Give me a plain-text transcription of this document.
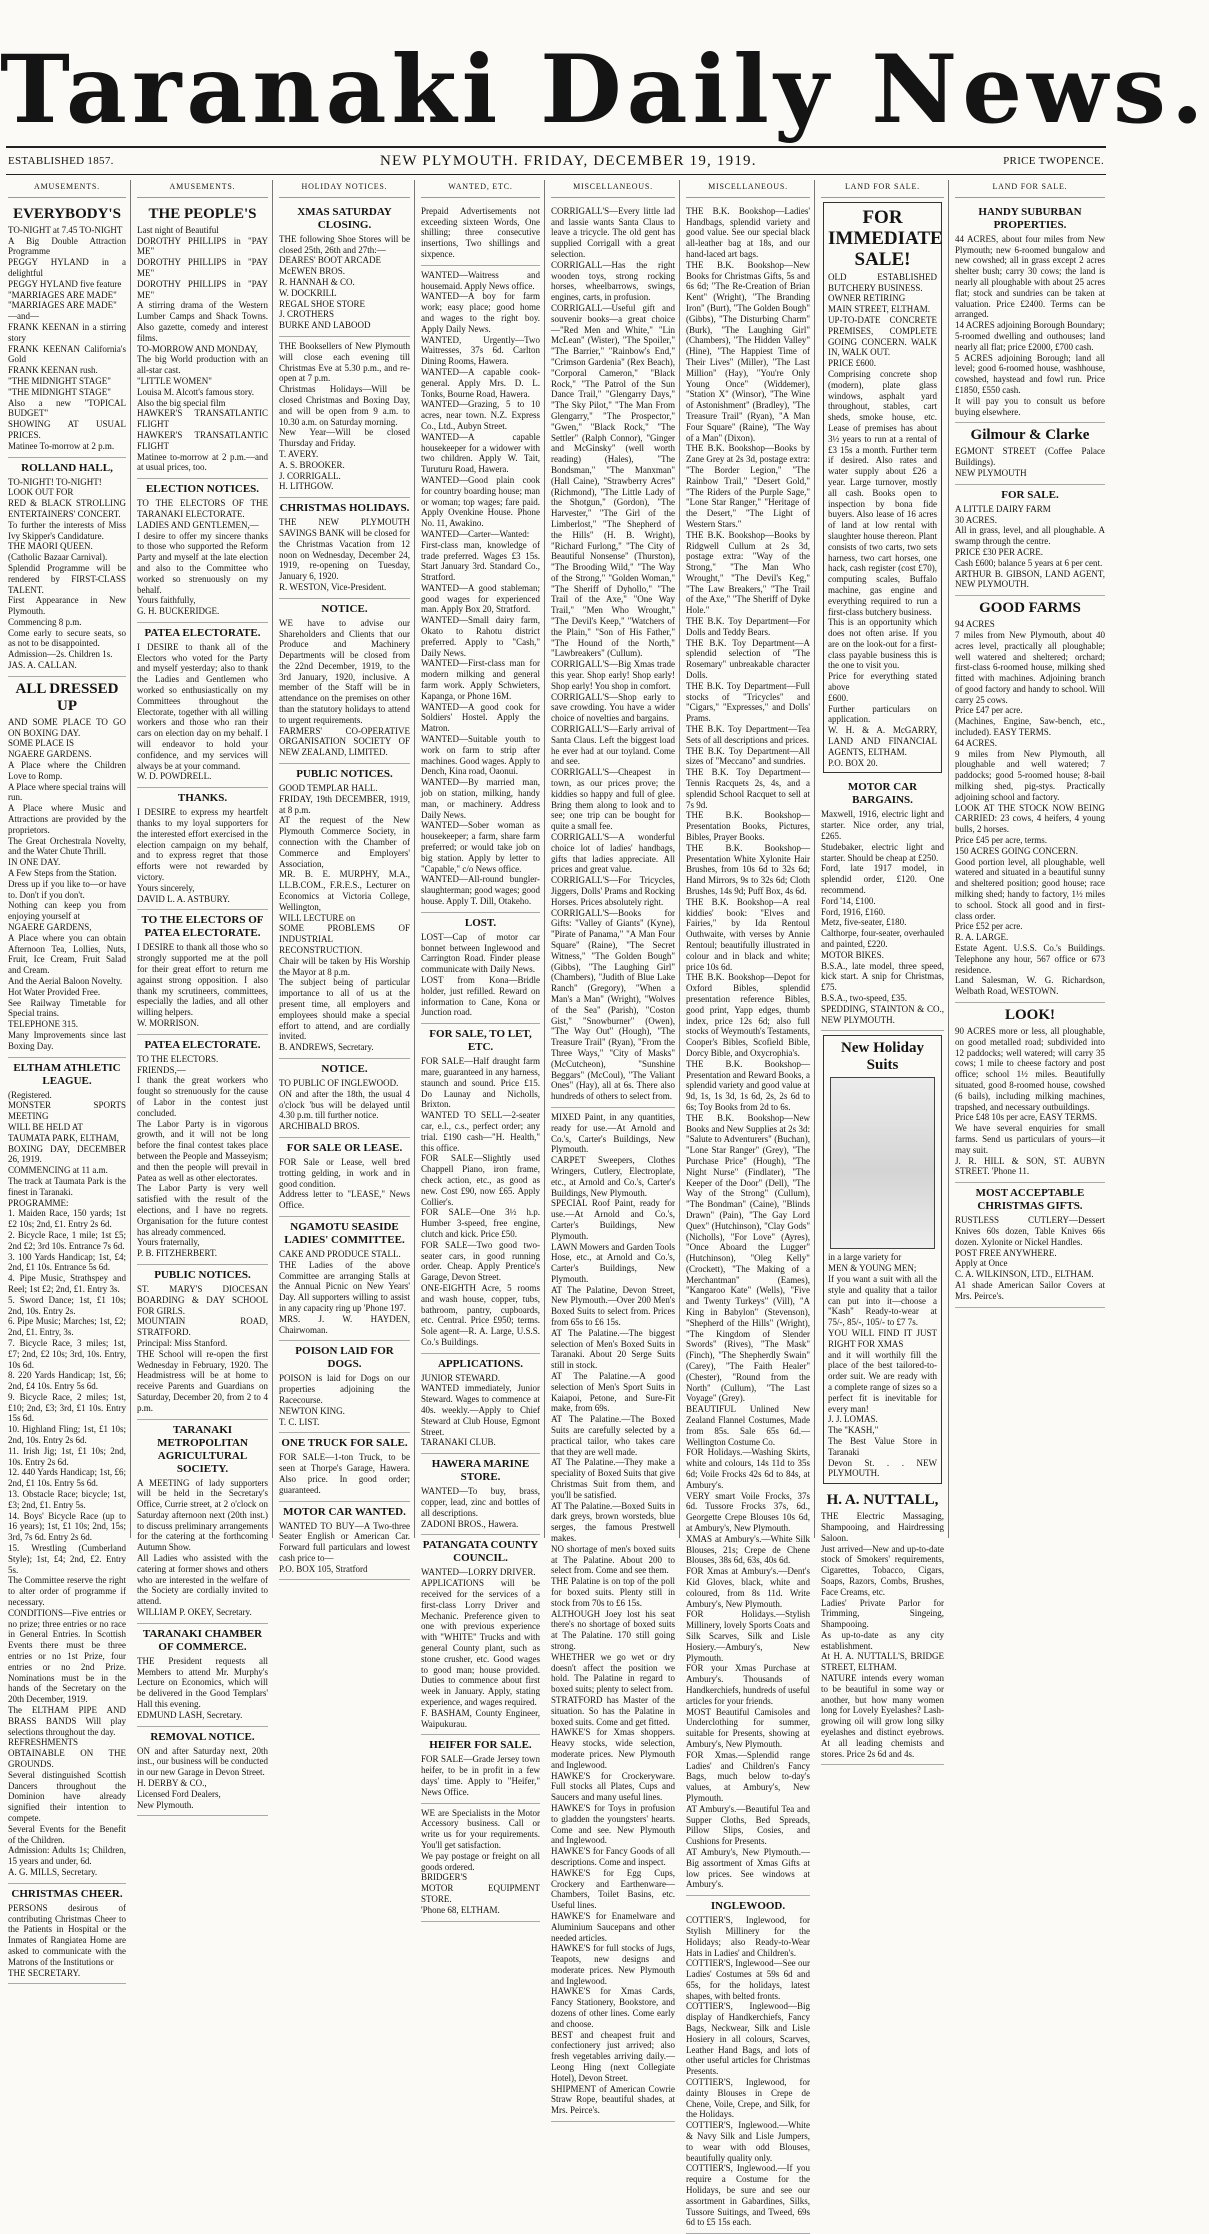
Taranaki Daily News.
ESTABLISHED 1857.	NEW PLYMOUTH. FRIDAY, DECEMBER 19, 1919.	PRICE TWOPENCE.
AMUSEMENTS.
EVERYBODY'S
TO-NIGHT at 7.45 TO-NIGHT
A Big Double Attraction Programme
PEGGY HYLAND in a delightful
PEGGY HYLAND five feature
"MARRIAGES ARE MADE"
"MARRIAGES ARE MADE"
—and—
FRANK KEENAN in a stirring story
FRANK KEENAN California's Gold
FRANK KEENAN rush.
"THE MIDNIGHT STAGE"
"THE MIDNIGHT STAGE"
Also a new "TOPICAL BUDGET"
SHOWING AT USUAL PRICES.
Matinee To-morrow at 2 p.m.
ROLLAND HALL,
TO-NIGHT! TO-NIGHT!
LOOK OUT FOR
RED & BLACK STROLLING ENTERTAINERS' CONCERT.
To further the interests of Miss Ivy Skipper's Candidature.
THE MAORI QUEEN.
(Catholic Bazaar Carnival).
Splendid Programme will be rendered by FIRST-CLASS TALENT.
First Appearance in New Plymouth.
Commencing 8 p.m.
Come early to secure seats, so as not to be disappointed.
Admission—2s. Children 1s.
JAS. A. CALLAN.
ALL DRESSED UP
AND SOME PLACE TO GO ON BOXING DAY.
SOME PLACE IS
NGAERE GARDENS.
A Place where the Children Love to Romp.
A Place where special trains will run.
A Place where Music and Attractions are provided by the proprietors.
The Great Orchestrala Novelty, and the Water Chute Thrill.
IN ONE DAY.
A Few Steps from the Station.
Dress up if you like to—or have to. Don't if you don't.
Nothing can keep you from enjoying yourself at
NGAERE GARDENS,
A Place where you can obtain Afternoon Tea, Lollies, Nuts, Fruit, Ice Cream, Fruit Salad and Cream.
And the Aerial Baloon Novelty.
Hot Water Provided Free.
See Railway Timetable for Special trains.
TELEPHONE 315.
Many Improvements since last Boxing Day.
ELTHAM ATHLETIC LEAGUE.
(Registered.
MONSTER SPORTS MEETING
WILL BE HELD AT
TAUMATA PARK, ELTHAM,
BOXING DAY, DECEMBER 26, 1919.
COMMENCING at 11 a.m.
The track at Taumata Park is the finest in Taranaki.
PROGRAMME:
1. Maiden Race, 150 yards; 1st £2 10s; 2nd, £1. Entry 2s 6d.
2. Bicycle Race, 1 mile; 1st £5; 2nd £2; 3rd 10s. Entrance 7s 6d.
3. 100 Yards Handicap; 1st, £4; 2nd, £1 10s. Entrance 5s 6d.
4. Pipe Music, Strathspey and Reel; 1st £2; 2nd, £1. Entry 3s.
5. Sword Dance; 1st, £1 10s; 2nd, 10s. Entry 2s.
6. Pipe Music; Marches; 1st, £2; 2nd, £1. Entry, 3s.
7. Bicycle Race, 3 miles; 1st, £7; 2nd, £2 10s; 3rd, 10s. Entry, 10s 6d.
8. 220 Yards Handicap; 1st, £6; 2nd, £4 10s. Entry 5s 6d.
9. Bicycle Race, 2 miles; 1st, £10; 2nd, £3; 3rd, £1 10s. Entry 15s 6d.
10. Highland Fling; 1st, £1 10s; 2nd, 10s. Entry 2s 6d.
11. Irish Jig; 1st, £1 10s; 2nd, 10s. Entry 2s 6d.
12. 440 Yards Handicap; 1st, £6; 2nd, £1 10s. Entry 5s 6d.
13. Obstacle Race; bicycle; 1st, £3; 2nd, £1. Entry 5s.
14. Boys' Bicycle Race (up to 16 years); 1st, £1 10s; 2nd, 15s; 3rd, 7s 6d. Entry 2s 6d.
15. Wrestling (Cumberland Style); 1st, £4; 2nd, £2. Entry 5s.
The Committee reserve the right to alter order of programme if necessary.
CONDITIONS—Five entries or no prize; three entries or no race in General Entries. In Scottish Events there must be three entries or no 1st Prize, four entries or no 2nd Prize. Nominations must be in the hands of the Secretary on the 20th December, 1919.
The ELTHAM PIPE AND BRASS BANDS Will play selections throughout the day.
REFRESHMENTS OBTAINABLE ON THE GROUNDS.
Several distinguished Scottish Dancers throughout the Dominion have already signified their intention to compete.
Several Events for the Benefit of the Children.
Admission: Adults 1s; Children, 15 years and under, 6d.
A. G. MILLS, Secretary.
CHRISTMAS CHEER.
PERSONS desirous of contributing Christmas Cheer to the Patients in Hospital or the Inmates of Rangiatea Home are asked to communicate with the Matrons of the Institutions or
THE SECRETARY.
AMUSEMENTS.
THE PEOPLE'S
Last night of Beautiful
DOROTHY PHILLIPS in "PAY ME"
DOROTHY PHILLIPS in "PAY ME"
DOROTHY PHILLIPS in "PAY ME"
A stirring drama of the Western Lumber Camps and Shack Towns. Also gazette, comedy and interest films.
TO-MORROW AND MONDAY,
The big World production with an all-star cast.
"LITTLE WOMEN"
Louisa M. Alcott's famous story.
Also the big special film
HAWKER'S TRANSATLANTIC FLIGHT
HAWKER'S TRANSATLANTIC FLIGHT
Matinee to-morrow at 2 p.m.—and at usual prices, too.
ELECTION NOTICES.
TO THE ELECTORS OF THE TARANAKI ELECTORATE.
LADIES AND GENTLEMEN,—
I desire to offer my sincere thanks to those who supported the Reform Party and myself at the late election and also to the Committee who worked so strenuously on my behalf.
Yours faithfully,
G. H. BUCKERIDGE.
PATEA ELECTORATE.
I DESIRE to thank all of the Electors who voted for the Party and myself yesterday; also to thank the Ladies and Gentlemen who worked so enthusiastically on my Committees throughout the Electorate, together with all willing workers and those who ran their cars on election day on my behalf. I will endeavor to hold your confidence, and my services will always be at your command.
W. D. POWDRELL.
THANKS.
I DESIRE to express my heartfelt thanks to my loyal supporters for the interested effort exercised in the election campaign on my behalf, and to express regret that those efforts were not rewarded by victory.
Yours sincerely,
DAVID L. A. ASTBURY.
TO THE ELECTORS OF PATEA ELECTORATE.
I DESIRE to thank all those who so strongly supported me at the poll for their great effort to return me against strong opposition. I also thank my scrutineers, committees, especially the ladies, and all other willing helpers.
W. MORRISON.
PATEA ELECTORATE.
TO THE ELECTORS.
FRIENDS,—
I thank the great workers who fought so strenuously for the cause of Labor in the contest just concluded.
The Labor Party is in vigorous growth, and it will not be long before the final contest takes place between the People and Masseyism; and then the people will prevail in Patea as well as other electorates.
The Labor Party is very well satisfied with the result of the elections, and I have no regrets. Organisation for the future contest has already commenced.
Yours fraternally,
P. B. FITZHERBERT.
PUBLIC NOTICES.
ST. MARY'S DIOCESAN BOARDING & DAY SCHOOL FOR GIRLS.
MOUNTAIN ROAD, STRATFORD.
Principal: Miss Stanford.
THE School will re-open the first Wednesday in February, 1920. The Headmistress will be at home to receive Parents and Guardians on Saturday, December 20, from 2 to 4 p.m.
TARANAKI METROPOLITAN AGRICULTURAL SOCIETY.
A MEETING of lady supporters will be held in the Secretary's Office, Currie street, at 2 o'clock on Saturday afternoon next (20th inst.) to discuss preliminary arrangements for the catering at the forthcoming Autumn Show.
All Ladies who assisted with the catering at former shows and others who are interested in the welfare of the Society are cordially invited to attend.
WILLIAM P. OKEY, Secretary.
TARANAKI CHAMBER OF COMMERCE.
THE President requests all Members to attend Mr. Murphy's Lecture on Economics, which will be delivered in the Good Templars' Hall this evening.
EDMUND LASH, Secretary.
REMOVAL NOTICE.
ON and after Saturday next, 20th inst., our business will be conducted in our new Garage in Devon Street.
H. DERBY & CO.,
Licensed Ford Dealers,
New Plymouth.
HOLIDAY NOTICES.
XMAS SATURDAY CLOSING.
THE following Shoe Stores will be closed 25th, 26th and 27th:—
DEARES' BOOT ARCADE
McEWEN BROS.
R. HANNAH & CO.
W. DOCKRILL
REGAL SHOE STORE
J. CROTHERS
BURKE AND LABOOD
THE Booksellers of New Plymouth will close each evening till Christmas Eve at 5.30 p.m., and re-open at 7 p.m.
Christmas Holidays—Will be closed Christmas and Boxing Day, and will be open from 9 a.m. to 10.30 a.m. on Saturday morning.
New Year—Will be closed Thursday and Friday.
T. AVERY.
A. S. BROOKER.
J. CORRIGALL.
H. LITHGOW.
CHRISTMAS HOLIDAYS.
THE NEW PLYMOUTH SAVINGS BANK will be closed for the Christmas Vacation from 12 noon on Wednesday, December 24, 1919, re-opening on Tuesday, January 6, 1920.
R. WESTON, Vice-President.
NOTICE.
WE have to advise our Shareholders and Clients that our Produce and Machinery Departments will be closed from the 22nd December, 1919, to the 3rd January, 1920, inclusive. A member of the Staff will be in attendance on the premises on other than the statutory holidays to attend to urgent requirements.
FARMERS' CO-OPERATIVE ORGANISATION SOCIETY OF NEW ZEALAND, LIMITED.
PUBLIC NOTICES.
GOOD TEMPLAR HALL.
FRIDAY, 19th DECEMBER, 1919, at 8 p.m.
AT the request of the New Plymouth Commerce Society, in connection with the Chamber of Commerce and Employers' Association,
MR. B. E. MURPHY, M.A., LL.B.COM., F.R.E.S., Lecturer on Economics at Victoria College, Wellington,
WILL LECTURE on
SOME PROBLEMS OF INDUSTRIAL RECONSTRUCTION.
Chair will be taken by His Worship the Mayor at 8 p.m.
The subject being of particular importance to all of us at the present time, all employers and employees should make a special effort to attend, and are cordially invited.
B. ANDREWS, Secretary.
NOTICE.
TO PUBLIC OF INGLEWOOD.
ON and after the 18th, the usual 4 o'clock 'bus will be delayed until 4.30 p.m. till further notice.
ARCHIBALD BROS.
FOR SALE OR LEASE.
FOR Sale or Lease, well bred trotting gelding, in work and in good condition.
Address letter to "LEASE," News Office.
NGAMOTU SEASIDE LADIES' COMMITTEE.
CAKE AND PRODUCE STALL.
THE Ladies of the above Committee are arranging Stalls at the Annual Picnic on New Years' Day. All supporters willing to assist in any capacity ring up 'Phone 197.
MRS. J. W. HAYDEN, Chairwoman.
POISON LAID FOR DOGS.
POISON is laid for Dogs on our properties adjoining the Racecourse.
NEWTON KING.
T. C. LIST.
ONE TRUCK FOR SALE.
FOR SALE—1-ton Truck, to be seen at Thorpe's Garage, Hawera. Also price. In good order; guaranteed.
MOTOR CAR WANTED.
WANTED TO BUY—A Two-three Seater English or American Car. Forward full particulars and lowest cash price to—
P.O. BOX 105, Stratford
WANTED, ETC.
Prepaid Advertisements not exceeding sixteen Words, One shilling; three consecutive insertions, Two shillings and sixpence.
WANTED—Waitress and housemaid. Apply News office.
WANTED—A boy for farm work; easy place; good home and wages to the right boy. Apply Daily News.
WANTED, Urgently—Two Waitresses, 37s 6d. Carlton Dining Rooms, Hawera.
WANTED—A capable cook-general. Apply Mrs. D. L. Tonks, Bourne Road, Hawera.
WANTED—Grazing, 5 to 10 acres, near town. N.Z. Express Co., Ltd., Aubyn Street.
WANTED—A capable housekeeper for a widower with two children. Apply W. Tait, Turuturu Road, Hawera.
WANTED—Good plain cook for country boarding house; man or woman; top wages; fare paid. Apply Ovenkine House. Phone No. 11, Awakino.
WANTED—Carter—Wanted: First-class man, knowledge of trade preferred. Wages £3 15s. Start January 3rd. Standard Co., Stratford.
WANTED—A good stableman; good wages for experienced man. Apply Box 20, Stratford.
WANTED—Small dairy farm, Okato to Rahotu district preferred. Apply to "Cash," Daily News.
WANTED—First-class man for modern milking and general farm work. Apply Schwieters, Kapanga, or Phone 16M.
WANTED—A good cook for Soldiers' Hostel. Apply the Matron.
WANTED—Suitable youth to work on farm to strip after machines. Good wages. Apply to Dench, Kina road, Oaonui.
WANTED—By married man, job on station, milking, handy man, or machinery. Address Daily News.
WANTED—Sober woman as housekeeper; a farm, share farm preferred; or would take job on big station. Apply by letter to "Capable," c/o News office.
WANTED—All-round bungler-slaughterman; good wages; good house. Apply T. Dill, Otakeho.
LOST.
LOST—Cap of motor car bonnet between Inglewood and Carrington Road. Finder please communicate with Daily News.
LOST from Kona—Bridle holder, just refilled. Reward on information to Cane, Kona or Junction road.
FOR SALE, TO LET, ETC.
FOR SALE—Half draught farm mare, guaranteed in any harness, staunch and sound. Price £15. Do Launay and Nicholls, Brixton.
WANTED TO SELL—2-seater car, e.l., c.s., perfect order; any trial. £190 cash—"H. Health," this office.
FOR SALE—Slightly used Chappell Piano, iron frame, check action, etc., as good as new. Cost £90, now £65. Apply Collier's.
FOR SALE—One 3½ h.p. Humber 3-speed, free engine, clutch and kick. Price £50.
FOR SALE—Two good two-seater cars, in good running order. Cheap. Apply Prentice's Garage, Devon Street.
ONE-EIGHTH Acre, 5 rooms and wash house, copper, tubs, bathroom, pantry, cupboards, etc. Central. Price £950; terms. Sole agent—R. A. Large, U.S.S. Co.'s Buildings.
APPLICATIONS.
JUNIOR STEWARD.
WANTED immediately, Junior Steward. Wages to commence at 40s. weekly.—Apply to Chief Steward at Club House, Egmont Street.
TARANAKI CLUB.
HAWERA MARINE STORE.
WANTED—To buy, brass, copper, lead, zinc and bottles of all descriptions.
ZADONI BROS., Hawera.
PATANGATA COUNTY COUNCIL.
WANTED—LORRY DRIVER.
APPLICATIONS will be received for the services of a first-class Lorry Driver and Mechanic. Preference given to one with previous experience with "WHITE" Trucks and with general County plant, such as stone crusher, etc. Good wages to good man; house provided. Duties to commence about first week in January. Apply, stating experience, and wages required.
F. BASHAM, County Engineer, Waipukurau.
HEIFER FOR SALE.
FOR SALE—Grade Jersey town heifer, to be in profit in a few days' time. Apply to "Heifer," News Office.
WE are Specialists in the Motor Accessory business. Call or write us for your requirements. You'll get satisfaction.
We pay postage or freight on all goods ordered.
BRIDGER'S
MOTOR EQUIPMENT STORE.
'Phone 68, ELTHAM.
MISCELLANEOUS.
CORRIGALL'S—Every little lad and lassie wants Santa Claus to leave a tricycle. The old gent has supplied Corrigall with a great selection.
CORRIGALL—Has the right wooden toys, strong rocking horses, wheelbarrows, swings, engines, carts, in profusion.
CORRIGALL—Useful gift and souvenir books—a great choice—"Red Men and White," "Lin McLean" (Wister), "The Spoiler," "The Barrier," "Rainbow's End," "Crimson Gardenia" (Rex Beach), "Corporal Cameron," "Black Rock," "The Patrol of the Sun Dance Trail," "Glengarry Days," "The Sky Pilot," "The Man From Glengarry," "The Prospector," "Gwen," "Black Rock," "The Settler" (Ralph Connor), "Ginger and McGinsky" (well worth reading) (Hales), "The Bondsman," "The Manxman" (Hall Caine), "Strawberry Acres" (Richmond), "The Little Lady of the Shotgun," (Gordon), "The Harvester," "The Girl of the Limberlost," "The Shepherd of the Hills" (H. B. Wright), "Richard Furlong," "The City of Beautiful Nonsense" (Thurston), "The Brooding Wild," "The Way of the Strong," "Golden Woman," "The Sheriff of Dyhollo," "The Trail of the Axe," "One Way Trail," "Men Who Wrought," "The Devil's Keep," "Watchers of the Plain," "Son of His Father," "The Hound of the North," "Lawbreakers" (Cullum).
CORRIGALL'S—Big Xmas trade this year. Shop early! Shop early! Shop early! You shop in comfort.
CORRIGALL'S—Shop early to save crowding. You have a wider choice of novelties and bargains.
CORRIGALL'S—Early arrival of Santa Claus. Left the biggest load he ever had at our toyland. Come and see.
CORRIGALL'S—Cheapest in town, as our prices prove; the kiddies so happy and full of glee. Bring them along to look and to see; one trip can be bought for quite a small fee.
CORRIGALL'S—A wonderful choice lot of ladies' handbags, gifts that ladies appreciate. All prices and great value.
CORRIGALL'S—For Tricycles, Jiggers, Dolls' Prams and Rocking Horses. Prices absolutely right.
CORRIGALL'S—Books for Gifts: "Valley of Giants" (Kyne), "Pirate of Panama," "A Man Four Square" (Raine), "The Secret Witness," "The Golden Bough" (Gibbs), "The Laughing Girl" (Chambers), "Judith of Blue Lake Ranch" (Gregory), "When a Man's a Man" (Wright), "Wolves of the Sea" (Parish), "Coston Gist," "Snowburner" (Owen), "The Way Out" (Hough), "The Treasure Trail" (Ryan), "From the Three Ways," "City of Masks" (McCutcheon), "Sunshine Beggars" (McCoul), "The Valiant Ones" (Hay), all at 6s. There also hundreds of others to select from.
MIXED Paint, in any quantities, ready for use.—At Arnold and Co.'s, Carter's Buildings, New Plymouth.
CARPET Sweepers, Clothes Wringers, Cutlery, Electroplate, etc., at Arnold and Co.'s, Carter's Buildings, New Plymouth.
SPECIAL Roof Paint, ready for use.—At Arnold and Co.'s, Carter's Buildings, New Plymouth.
LAWN Mowers and Garden Tools Hose, etc., at Arnold and Co.'s, Carter's Buildings, New Plymouth.
AT The Palatine, Devon Street, New Plymouth.—Over 200 Men's Boxed Suits to select from. Prices from 65s to £6 15s.
AT The Palatine.—The biggest selection of Men's Boxed Suits in Taranaki. About 20 Serge Suits still in stock.
AT The Palatine.—A good selection of Men's Sport Suits in Kaiapoi, Petone, and Sure-Fit make, from 69s.
AT The Palatine.—The Boxed Suits are carefully selected by a practical tailor, who takes care that they are well made.
AT The Palatine.—They make a speciality of Boxed Suits that give Christmas Suit from them, and you'll be satisfied.
AT The Palatine.—Boxed Suits in dark greys, brown worsteds, blue serges, the famous Prestwell makes.
NO shortage of men's boxed suits at The Palatine. About 200 to select from. Come and see them.
THE Palatine is on top of the poll for boxed suits. Plenty still in stock from 70s to £6 15s.
ALTHOUGH Joey lost his seat there's no shortage of boxed suits at The Palatine. 170 still going strong.
WHETHER we go wet or dry doesn't affect the position we hold. The Palatine in regard to boxed suits; plenty to select from.
STRATFORD has Master of the situation. So has the Palatine in boxed suits. Come and get fitted.
HAWKE'S for Xmas shoppers. Heavy stocks, wide selection, moderate prices. New Plymouth and Inglewood.
HAWKE'S for Crockeryware. Full stocks all Plates, Cups and Saucers and many useful lines.
HAWKE'S for Toys in profusion to gladden the youngsters' hearts. Come and see. New Plymouth and Inglewood.
HAWKE'S for Fancy Goods of all descriptions. Come and inspect.
HAWKE'S for Egg Cups, Crockery and Earthenware—Chambers, Toilet Basins, etc. Useful lines.
HAWKE'S for Enamelware and Aluminium Saucepans and other needed articles.
HAWKE'S for full stocks of Jugs, Teapots, new designs and moderate prices. New Plymouth and Inglewood.
HAWKE'S for Xmas Cards, Fancy Stationery, Bookstore, and dozens of other lines. Come early and choose.
BEST and cheapest fruit and confectionery just arrived; also fresh vegetables arriving daily.—Leong Hing (next Collegiate Hotel), Devon Street.
SHIPMENT of American Cowrie Straw Rope, beautiful shades, at Mrs. Peirce's.
MISCELLANEOUS.
THE B.K. Bookshop—Ladies' Handbags, splendid variety and good value. See our special black all-leather bag at 18s, and our hand-laced art bags.
THE B.K. Bookshop—New Books for Christmas Gifts, 5s and 6s 6d; "The Re-Creation of Brian Kent" (Wright), "The Branding Iron" (Burt), "The Golden Bough" (Gibbs), "The Disturbing Charm" (Burk), "The Laughing Girl" (Chambers), "The Hidden Valley" (Hine), "The Happiest Time of Their Lives" (Miller), "The Last Million" (Hay), "You're Only Young Once" (Widdemer), "Station X" (Winsor), "The Wine of Astonishment" (Bradley), "The Treasure Trail" (Ryan), "A Man Four Square" (Raine), "The Way of a Man" (Dixon).
THE B.K. Bookshop—Books by Zane Grey at 2s 3d, postage extra: "The Border Legion," "The Rainbow Trail," "Desert Gold," "The Riders of the Purple Sage," "Lone Star Ranger," "Heritage of the Desert," "The Light of Western Stars."
THE B.K. Bookshop—Books by Ridgwell Cullum at 2s 3d, postage extra: "Way of the Strong," "The Man Who Wrought," "The Devil's Keg," "The Law Breakers," "The Trail of the Axe," "The Sheriff of Dyke Hole."
THE B.K. Toy Department—For Dolls and Teddy Bears.
THE B.K. Toy Department—A splendid selection of "The Rosemary" unbreakable character Dolls.
THE B.K. Toy Department—Full stocks of "Tricycles" and "Cigars," "Expresses," and Dolls' Prams.
THE B.K. Toy Department—Tea Sets of all descriptions and prices.
THE B.K. Toy Department—All sizes of "Meccano" and sundries.
THE B.K. Toy Department—Tennis Racquets 2s, 4s, and a splendid School Racquet to sell at 7s 9d.
THE B.K. Bookshop—Presentation Books, Pictures, Bibles, Prayer Books.
THE B.K. Bookshop—Presentation White Xylonite Hair Brushes, from 10s 6d to 32s 6d; Hand Mirrors, 9s to 32s 6d; Cloth Brushes, 14s 9d; Puff Box, 4s 6d.
THE B.K. Bookshop—A real kiddies' book: "Elves and Fairies," by Ida Rentoul Outhwaite, with verses by Annie Rentoul; beautifully illustrated in colour and in black and white; price 10s 6d.
THE B.K. Bookshop—Depot for Oxford Bibles, splendid presentation reference Bibles, good print, Yapp edges, thumb index, price 12s 6d; also full stocks of Weymouth's Testaments, Cooper's Bibles, Scofield Bible, Dorcy Bible, and Oxycrophia's.
THE B.K. Bookshop—Presentation and Reward Books, a splendid variety and good value at 9d, 1s, 1s 3d, 1s 6d, 2s, 2s 6d to 6s; Toy Books from 2d to 6s.
THE B.K. Bookshop—New Books and New Supplies at 2s 3d: "Salute to Adventurers" (Buchan), "Lone Star Ranger" (Grey), "The Purchase Price" (Hough), "The Night Nurse" (Findlater), "The Keeper of the Door" (Dell), "The Way of the Strong" (Cullum), "The Bondman" (Caine), "Blinds Drawn" (Pain), "The Gay Lord Quex" (Hutchinson), "Clay Gods" (Nicholls), "For Love" (Ayres), "Once Aboard the Lugger" (Hutchinson), "Oleg Kelly" (Crockett), "The Making of a Merchantman" (Eames), "Kangaroo Kate" (Wells), "Five and Twenty Turkeys" (Vill), "A King in Babylon" (Stevenson), "Shepherd of the Hills" (Wright), "The Kingdom of Slender Swords" (Rives), "The Mask" (Finch), "The Shepherdly Swain" (Carey), "The Faith Healer" (Chester), "Round from the North" (Cullum), "The Last Voyage" (Grey).
BEAUTIFUL Unlined New Zealand Flannel Costumes, Made from 85s. Sale 65s 6d.—Wellington Costume Co.
FOR Holidays.—Washing Skirts, white and colours, 14s 11d to 35s 6d; Voile Frocks 42s 6d to 84s, at Ambury's.
VERY smart Voile Frocks, 37s 6d. Tussore Frocks 37s, 6d., Georgette Crepe Blouses 10s 6d, at Ambury's, New Plymouth.
XMAS at Ambury's.—White Silk Blouses, 21s; Crepe de Chene Blouses, 38s 6d, 63s, 40s 6d.
FOR Xmas at Ambury's.—Dent's Kid Gloves, black, white and coloured, from 8s 11d. Write Ambury's, New Plymouth.
FOR Holidays.—Stylish Millinery, lovely Sports Coats and Silk Scarves, Silk and Lisle Hosiery.—Ambury's, New Plymouth.
FOR your Xmas Purchase at Ambury's. Thousands of Handkerchiefs, hundreds of useful articles for your friends.
MOST Beautiful Camisoles and Underclothing for summer, suitable for Presents, showing at Ambury's, New Plymouth.
FOR Xmas.—Splendid range Ladies' and Children's Fancy Bags, much below to-day's values, at Ambury's, New Plymouth.
AT Ambury's.—Beautiful Tea and Supper Cloths, Bed Spreads, Pillow Slips, Cosies, and Cushions for Presents.
AT Ambury's, New Plymouth.—Big assortment of Xmas Gifts at low prices. See windows at Ambury's.
INGLEWOOD.
COTTIER'S, Inglewood, for Stylish Millinery for the Holidays; also Ready-to-Wear Hats in Ladies' and Children's.
COTTIER'S, Inglewood—See our Ladies' Costumes at 59s 6d and 65s, for the holidays, latest shapes, with belted fronts.
COTTIER'S, Inglewood—Big display of Handkerchiefs, Fancy Bags, Neckwear, Silk and Lisle Hosiery in all colours, Scarves, Leather Hand Bags, and lots of other useful articles for Christmas Presents.
COTTIER'S, Inglewood, for dainty Blouses in Crepe de Chene, Voile, Crepe, and Silk, for the Holidays.
COTTIER'S, Inglewood.—White & Navy Silk and Lisle Jumpers, to wear with odd Blouses, beautifully quality only.
COTTIER'S, Inglewood.—If you require a Costume for the Holidays, be sure and see our assortment in Gabardines, Silks, Tussore Suitings, and Tweed, 69s 6d to £5 15s each.
LAND FOR SALE.
FOR IMMEDIATE SALE!
OLD ESTABLISHED BUTCHERY BUSINESS.
OWNER RETIRING
MAIN STREET, ELTHAM.
UP-TO-DATE CONCRETE PREMISES, COMPLETE GOING CONCERN. WALK IN, WALK OUT.
PRICE £600.
Comprising concrete shop (modern), plate glass windows, asphalt yard throughout, stables, cart sheds, smoke house, etc. Lease of premises has about 3½ years to run at a rental of £3 15s a month. Further term if desired. Also rates and water supply about £26 a year. Large turnover, mostly all cash. Books open to inspection by bona fide buyers. Also lease of 16 acres of land at low rental with slaughter house thereon. Plant consists of two carts, two sets harness, two cart horses, one hack, cash register (cost £70), computing scales, Buffalo machine, gas engine and everything required to run a first-class butchery business.
This is an opportunity which does not often arise. If you are on the look-out for a first-class payable business this is the one to visit you.
Price for everything stated above
£600.
Further particulars on application.
W. H. & A. McGARRY, LAND AND FINANCIAL AGENTS, ELTHAM.
P.O. BOX 20.
MOTOR CAR BARGAINS.
Maxwell, 1916, electric light and starter. Nice order, any trial, £265.
Studebaker, electric light and starter. Should be cheap at £250.
Ford, late 1917 model, in splendid order, £120. One recommend.
Ford '14, £100.
Ford, 1916, £160.
Metz, five-seater, £180.
Calthorpe, four-seater, overhauled and painted, £220.
MOTOR BIKES.
B.S.A., late model, three speed, kick start. A snip for Christmas, £75.
B.S.A., two-speed, £35.
SPEDDING, STAINTON & CO., NEW PLYMOUTH.
New Holiday Suits
in a large variety for
MEN & YOUNG MEN;
If you want a suit with all the style and quality that a tailor can put into it—choose a "Kash" Ready-to-wear at 75/-, 85/-, 105/- to £7 7s.
YOU WILL FIND IT JUST RIGHT FOR XMAS
and it will worthily fill the place of the best tailored-to-order suit. We are ready with a complete range of sizes so a perfect fit is inevitable for every man!
J. J. LOMAS.
The "KASH,"
The Best Value Store in Taranaki
Devon St. . . NEW PLYMOUTH.
H. A. NUTTALL,
THE Electric Massaging, Shampooing, and Hairdressing Saloon.
Just arrived—New and up-to-date stock of Smokers' requirements, Cigarettes, Tobacco, Cigars, Soaps, Razors, Combs, Brushes, Face Creams, etc.
Ladies' Private Parlor for Trimming, Singeing, Shampooing.
As up-to-date as any city establishment.
At H. A. NUTTALL'S, BRIDGE STREET, ELTHAM.
NATURE intends every woman to be beautiful in some way or another, but how many women long for Lovely Eyelashes? Lash-growing oil will grow long silky eyelashes and distinct eyebrows. At all leading chemists and stores. Price 2s 6d and 4s.
LAND FOR SALE.
HANDY SUBURBAN PROPERTIES.
44 ACRES, about four miles from New Plymouth; new 6-roomed bungalow and new cowshed; all in grass except 2 acres shelter bush; carry 30 cows; the land is nearly all ploughable with about 25 acres flat; stock and sundries can be taken at valuation. Price £2400. Terms can be arranged.
14 ACRES adjoining Borough Boundary; 5-roomed dwelling and outhouses; land nearly all flat; price £2000, £700 cash.
5 ACRES adjoining Borough; land all level; good 6-roomed house, washhouse, cowshed, haystead and fowl run. Price £1850, £550 cash.
It will pay you to consult us before buying elsewhere.
Gilmour & Clarke
EGMONT STREET (Coffee Palace Buildings).
NEW PLYMOUTH
FOR SALE.
A LITTLE DAIRY FARM
30 ACRES.
All in grass, level, and all ploughable. A swamp through the centre.
PRICE £30 PER ACRE.
Cash £600; balance 5 years at 6 per cent.
ARTHUR B. GIBSON, LAND AGENT, NEW PLYMOUTH.
GOOD FARMS
94 ACRES
7 miles from New Plymouth, about 40 acres level, practically all ploughable; well watered and sheltered; orchard; first-class 6-roomed house, milking shed fitted with machines. Adjoining branch of good factory and handy to school. Will carry 25 cows.
Price £47 per acre.
(Machines, Engine, Saw-bench, etc., included). EASY TERMS.
64 ACRES.
9 miles from New Plymouth, all ploughable and well watered; 7 paddocks; good 5-roomed house; 8-bail milking shed, pig-stys. Practically adjoining school and factory.
LOOK AT THE STOCK NOW BEING CARRIED: 23 cows, 4 heifers, 4 young bulls, 2 horses.
Price £45 per acre, terms.
150 ACRES GOING CONCERN.
Good portion level, all ploughable, well watered and situated in a beautiful sunny and sheltered position; good house; race milking shed; handy to factory, 1½ miles to school. Stock all good and in first-class order.
Price £52 per acre.
R. A. LARGE.
Estate Agent. U.S.S. Co.'s Buildings. Telephone any hour, 567 office or 673 residence.
Land Salesman, W. G. Richardson, Welbath Road, WESTOWN.
LOOK!
90 ACRES more or less, all ploughable, on good metalled road; subdivided into 12 paddocks; well watered; will carry 35 cows; 1 mile to cheese factory and post office; school 1½ miles. Beautifully situated, good 8-roomed house, cowshed (6 bails), including milking machines, trapshed, and necessary outbuildings.
Price £48 10s per acre, EASY TERMS.
We have several enquiries for small farms. Send us particulars of yours—it may suit.
J. R. HILL & SON, ST. AUBYN STREET. 'Phone 11.
MOST ACCEPTABLE CHRISTMAS GIFTS.
RUSTLESS CUTLERY—Dessert Knives 60s dozen, Table Knives 66s dozen. Xylonite or Nickel Handles.
POST FREE ANYWHERE.
Apply at Once
C. A. WILKINSON, LTD., ELTHAM.
A1 shade American Sailor Covers at Mrs. Peirce's.
